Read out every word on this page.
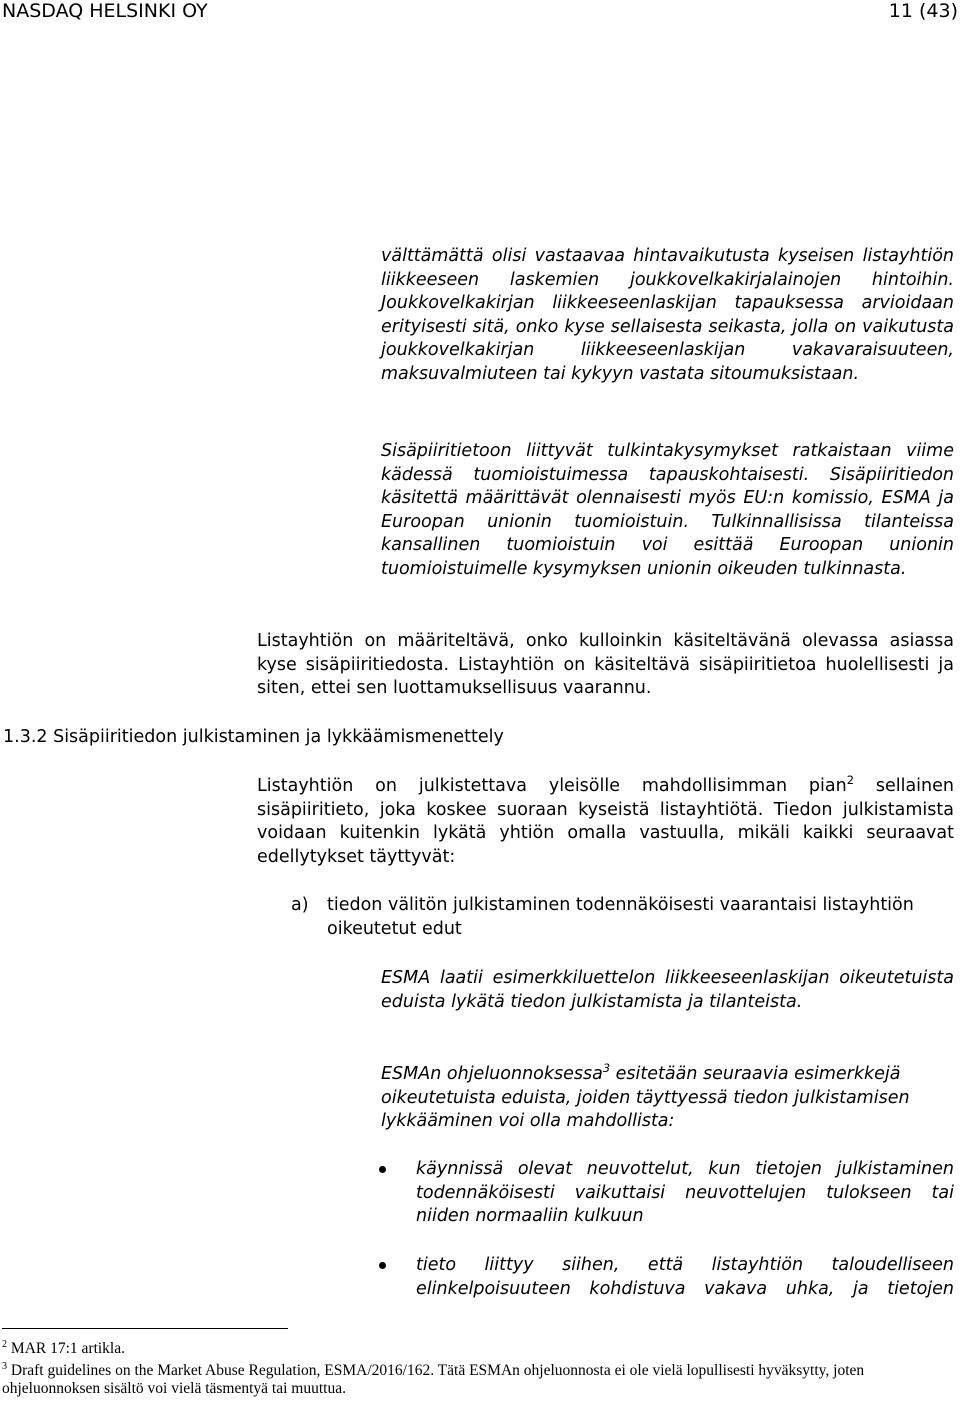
NASDAQ HELSINKI OY	11 (43)
välttämättä olisi vastaavaa hintavaikutusta kyseisen listayhtiön liikkeeseen laskemien joukkovelkakirjalainojen hintoihin. Joukkovelkakirjan liikkeeseenlaskijan tapauksessa arvioidaan erityisesti sitä, onko kyse sellaisesta seikasta, jolla on vaikutusta joukkovelkakirjan liikkeeseenlaskijan vakavaraisuuteen, maksuvalmiuteen tai kykyyn vastata sitoumuksistaan.
Sisäpiiritietoon liittyvät tulkintakysymykset ratkaistaan viime kädessä tuomioistuimessa tapauskohtaisesti. Sisäpiiritiedon käsitettä määrittävät olennaisesti myös EU:n komissio, ESMA ja Euroopan unionin tuomioistuin. Tulkinnallisissa tilanteissa kansallinen tuomioistuin voi esittää Euroopan unionin tuomioistuimelle kysymyksen unionin oikeuden tulkinnasta.
Listayhtiön on määriteltävä, onko kulloinkin käsiteltävänä olevassa asiassa kyse sisäpiiritiedosta. Listayhtiön on käsiteltävä sisäpiiritietoa huolellisesti ja siten, ettei sen luottamuksellisuus vaarannu.
1.3.2 Sisäpiiritiedon julkistaminen ja lykkäämismenettely
Listayhtiön on julkistettava yleisölle mahdollisimman pian$^2$ sellainen sisäpiiritieto, joka koskee suoraan kyseistä listayhtiötä. Tiedon julkistamista voidaan kuitenkin lykätä yhtiön omalla vastuulla, mikäli kaikki seuraavat edellytykset täyttyvät:
a) tiedon välitön julkistaminen todennäköisesti vaarantaisi listayhtiön oikeutetut edut
ESMA laatii esimerkkiluettelon liikkeeseenlaskijan oikeutetuista eduista lykätä tiedon julkistamista ja tilanteista.
ESMAn ohjeluonnoksessa$^3$ esitetään seuraavia esimerkkejä oikeutetuista eduista, joiden täyttyessä tiedon julkistamisen lykkääminen voi olla mahdollista:
käynnissä olevat neuvottelut, kun tietojen julkistaminen todennäköisesti vaikuttaisi neuvottelujen tulokseen tai niiden normaaliin kulkuun
tieto liittyy siihen, että listayhtiön taloudelliseen elinkelpoisuuteen kohdistuva vakava uhka, ja tietojen
$^2$ MAR 17:1 artikla.
$^3$ Draft guidelines on the Market Abuse Regulation, ESMA/2016/162. Tätä ESMAn ohjeluonnosta ei ole vielä lopullisesti hyväksytty, joten ohjeluonnoksen sisältö voi vielä täsmentyä tai muuttua.
